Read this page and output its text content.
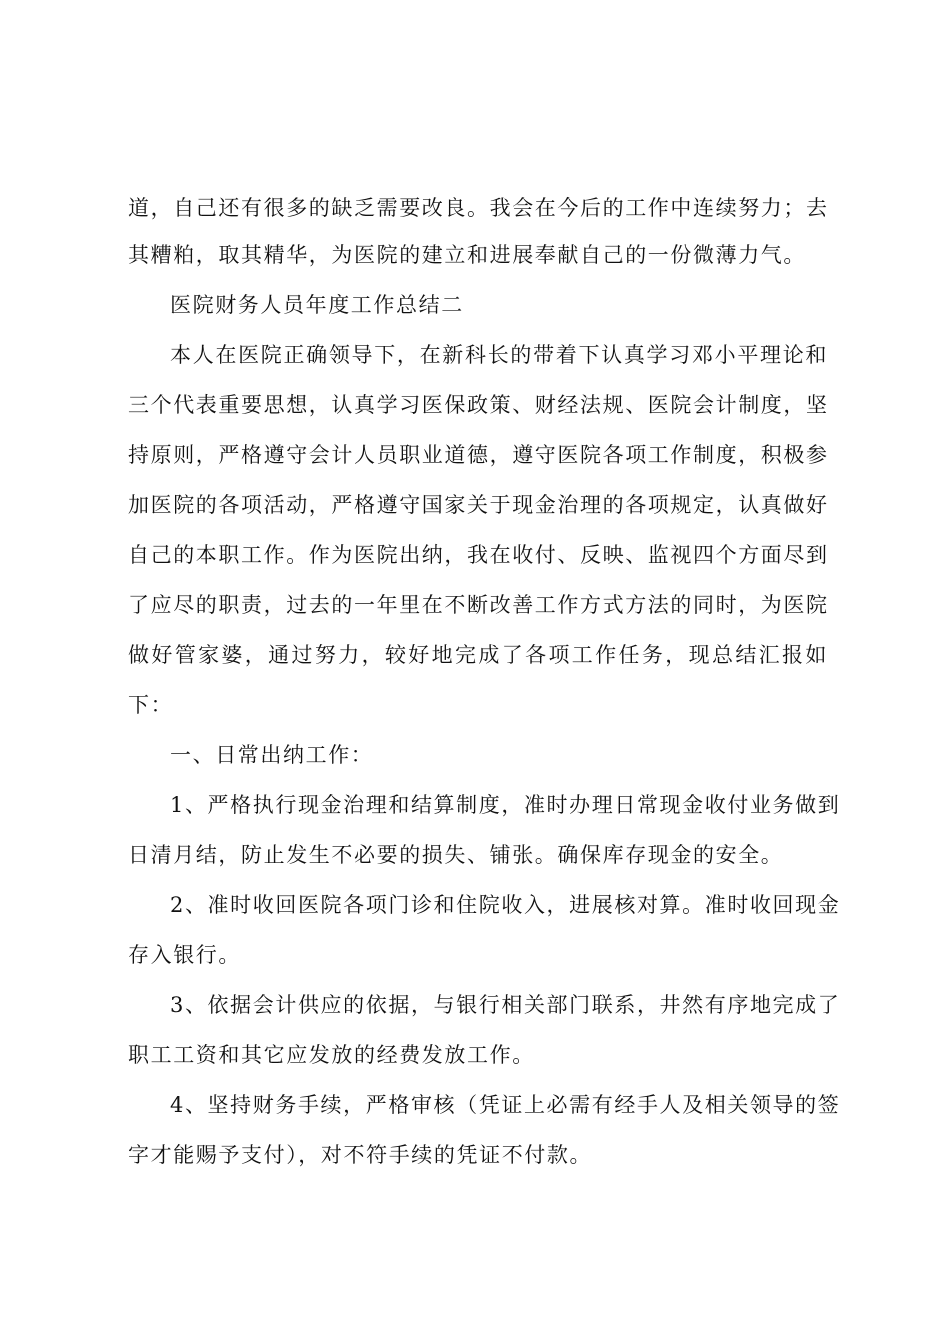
道，自己还有很多的缺乏需要改良。我会在今后的工作中连续努力；去
其糟粕，取其精华，为医院的建立和进展奉献自己的一份微薄力气。
医院财务人员年度工作总结二
本人在医院正确领导下，在新科长的带着下认真学习邓小平理论和
三个代表重要思想，认真学习医保政策、财经法规、医院会计制度，坚
持原则，严格遵守会计人员职业道德，遵守医院各项工作制度，积极参
加医院的各项活动，严格遵守国家关于现金治理的各项规定，认真做好
自己的本职工作。作为医院出纳，我在收付、反映、监视四个方面尽到
了应尽的职责，过去的一年里在不断改善工作方式方法的同时，为医院
做好管家婆，通过努力，较好地完成了各项工作任务，现总结汇报如
下：
一、日常出纳工作：
1、严格执行现金治理和结算制度，准时办理日常现金收付业务做到
日清月结，防止发生不必要的损失、铺张。确保库存现金的安全。
2、准时收回医院各项门诊和住院收入，进展核对算。准时收回现金
存入银行。
3、依据会计供应的依据，与银行相关部门联系，井然有序地完成了
职工工资和其它应发放的经费发放工作。
4、坚持财务手续，严格审核（凭证上必需有经手人及相关领导的签
字才能赐予支付），对不符手续的凭证不付款。
